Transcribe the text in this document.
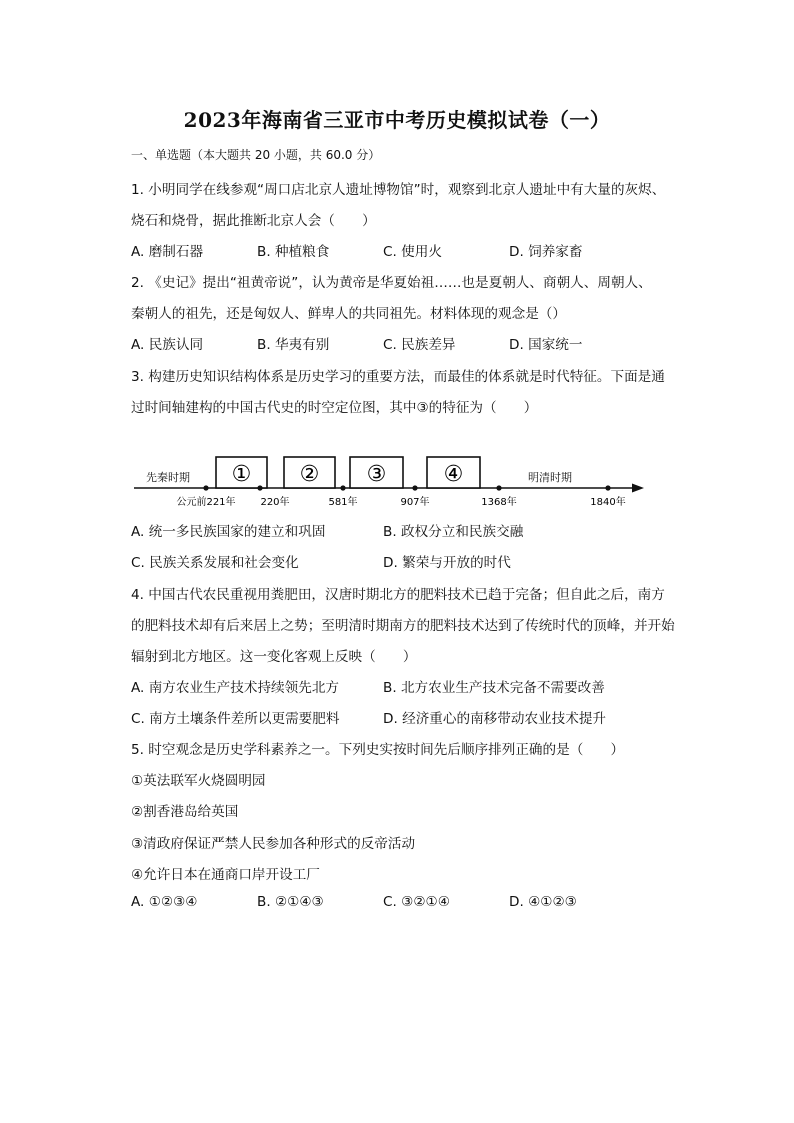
2023年海南省三亚市中考历史模拟试卷（一）
一、单选题（本大题共 20 小题，共 60.0 分）
1. 小明同学在线参观“周口店北京人遗址博物馆”时，观察到北京人遗址中有大量的灰烬、
烧石和烧骨，据此推断北京人会（　　）
A. 磨制石器	B. 种植粮食	C. 使用火	D. 饲养家畜
2. 《史记》提出“祖黄帝说”，认为黄帝是华夏始祖……也是夏朝人、商朝人、周朝人、
秦朝人的祖先，还是匈奴人、鲜卑人的共同祖先。材料体现的观念是（）
A. 民族认同	B. 华夷有别	C. 民族差异	D. 国家统一
3. 构建历史知识结构体系是历史学习的重要方法，而最佳的体系就是时代特征。下面是通
过时间轴建构的中国古代史的时空定位图，其中③的特征为（　　）
先秦时期	明清时期
① ② ③	④
公元前221年 220年	581年	907年	1368年	1840年
A. 统一多民族国家的建立和巩固	B. 政权分立和民族交融
C. 民族关系发展和社会变化	D. 繁荣与开放的时代
4. 中国古代农民重视用粪肥田，汉唐时期北方的肥料技术已趋于完备；但自此之后，南方
的肥料技术却有后来居上之势；至明清时期南方的肥料技术达到了传统时代的顶峰，并开始
辐射到北方地区。这一变化客观上反映（　　）
A. 南方农业生产技术持续领先北方	B. 北方农业生产技术完备不需要改善
C. 南方土壤条件差所以更需要肥料	D. 经济重心的南移带动农业技术提升
5. 时空观念是历史学科素养之一。下列史实按时间先后顺序排列正确的是（　　）
①英法联军火烧圆明园
②割香港岛给英国
③清政府保证严禁人民参加各种形式的反帝活动
④允许日本在通商口岸开设工厂
A. ①②③④	B. ②①④③	C. ③②①④	D. ④①②③
